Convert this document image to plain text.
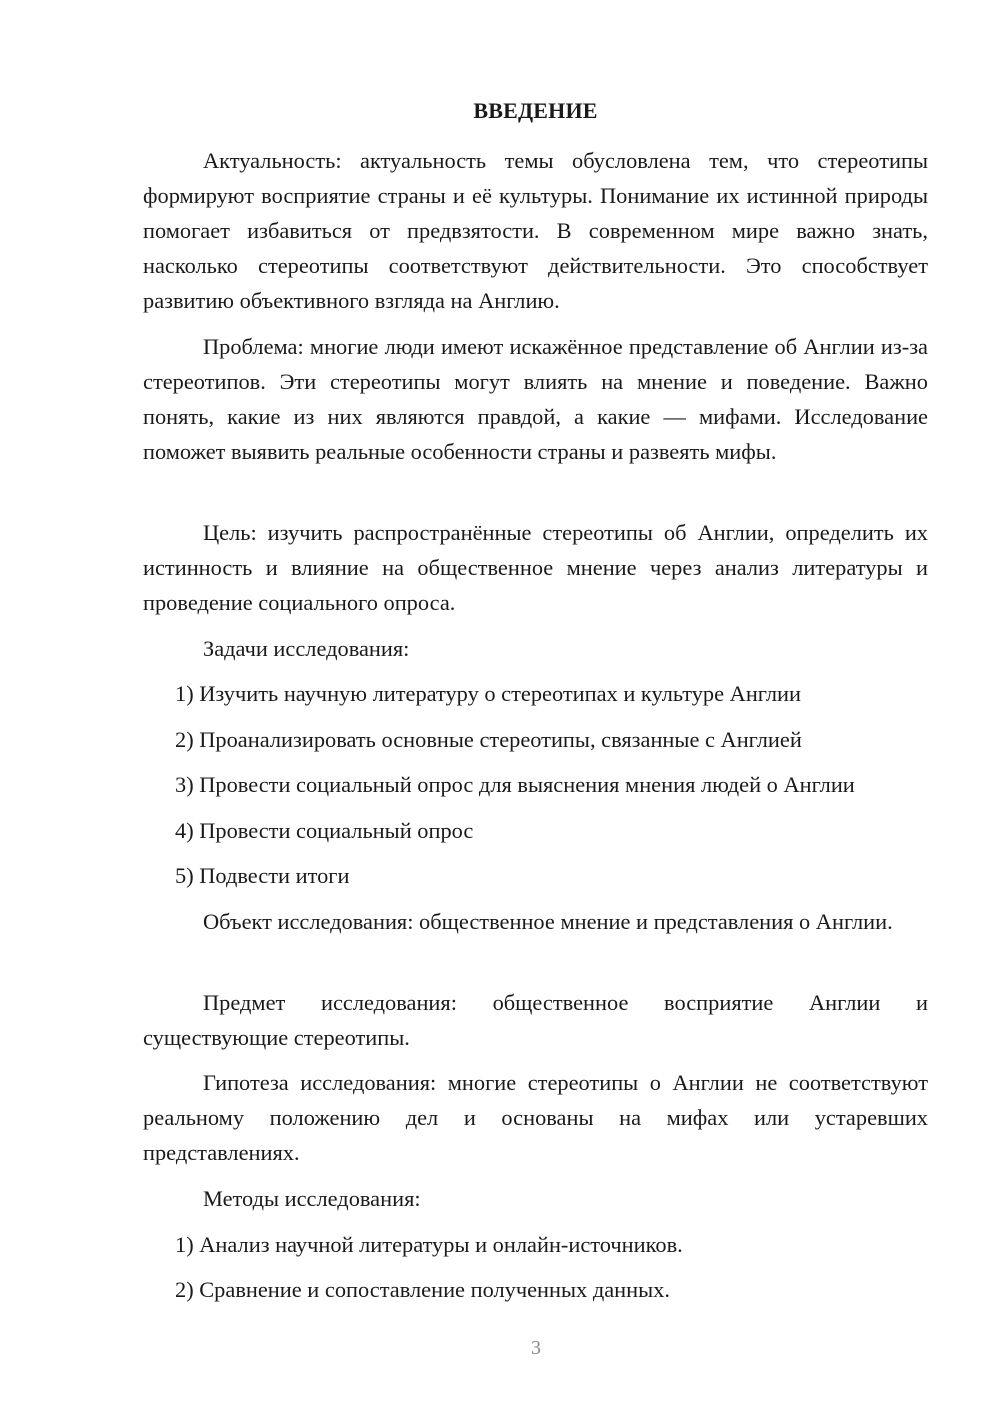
ВВЕДЕНИЕ

Актуальность: актуальность темы обусловлена тем, что стереотипы формируют восприятие страны и её культуры. Понимание их истинной природы помогает избавиться от предвзятости. В современном мире важно знать, насколько стереотипы соответствуют действительности. Это способствует развитию объективного взгляда на Англию.

Проблема: многие люди имеют искажённое представление об Англии из-за стереотипов. Эти стереотипы могут влиять на мнение и поведение. Важно понять, какие из них являются правдой, а какие — мифами. Исследование поможет выявить реальные особенности страны и развеять мифы.

Цель: изучить распространённые стереотипы об Англии, определить их истинность и влияние на общественное мнение через анализ литературы и проведение социального опроса.

Задачи исследования:

1) Изучить научную литературу о стереотипах и культуре Англии

2) Проанализировать основные стереотипы, связанные с Англией

3) Провести социальный опрос для выяснения мнения людей о Англии

4) Провести социальный опрос

5) Подвести итоги

Объект исследования: общественное мнение и представления о Англии.

Предмет исследования: общественное восприятие Англии и существующие стереотипы.

Гипотеза исследования: многие стереотипы о Англии не соответствуют реальному положению дел и основаны на мифах или устаревших представлениях.

Методы исследования:

1) Анализ научной литературы и онлайн-источников.

2) Сравнение и сопоставление полученных данных.

3
